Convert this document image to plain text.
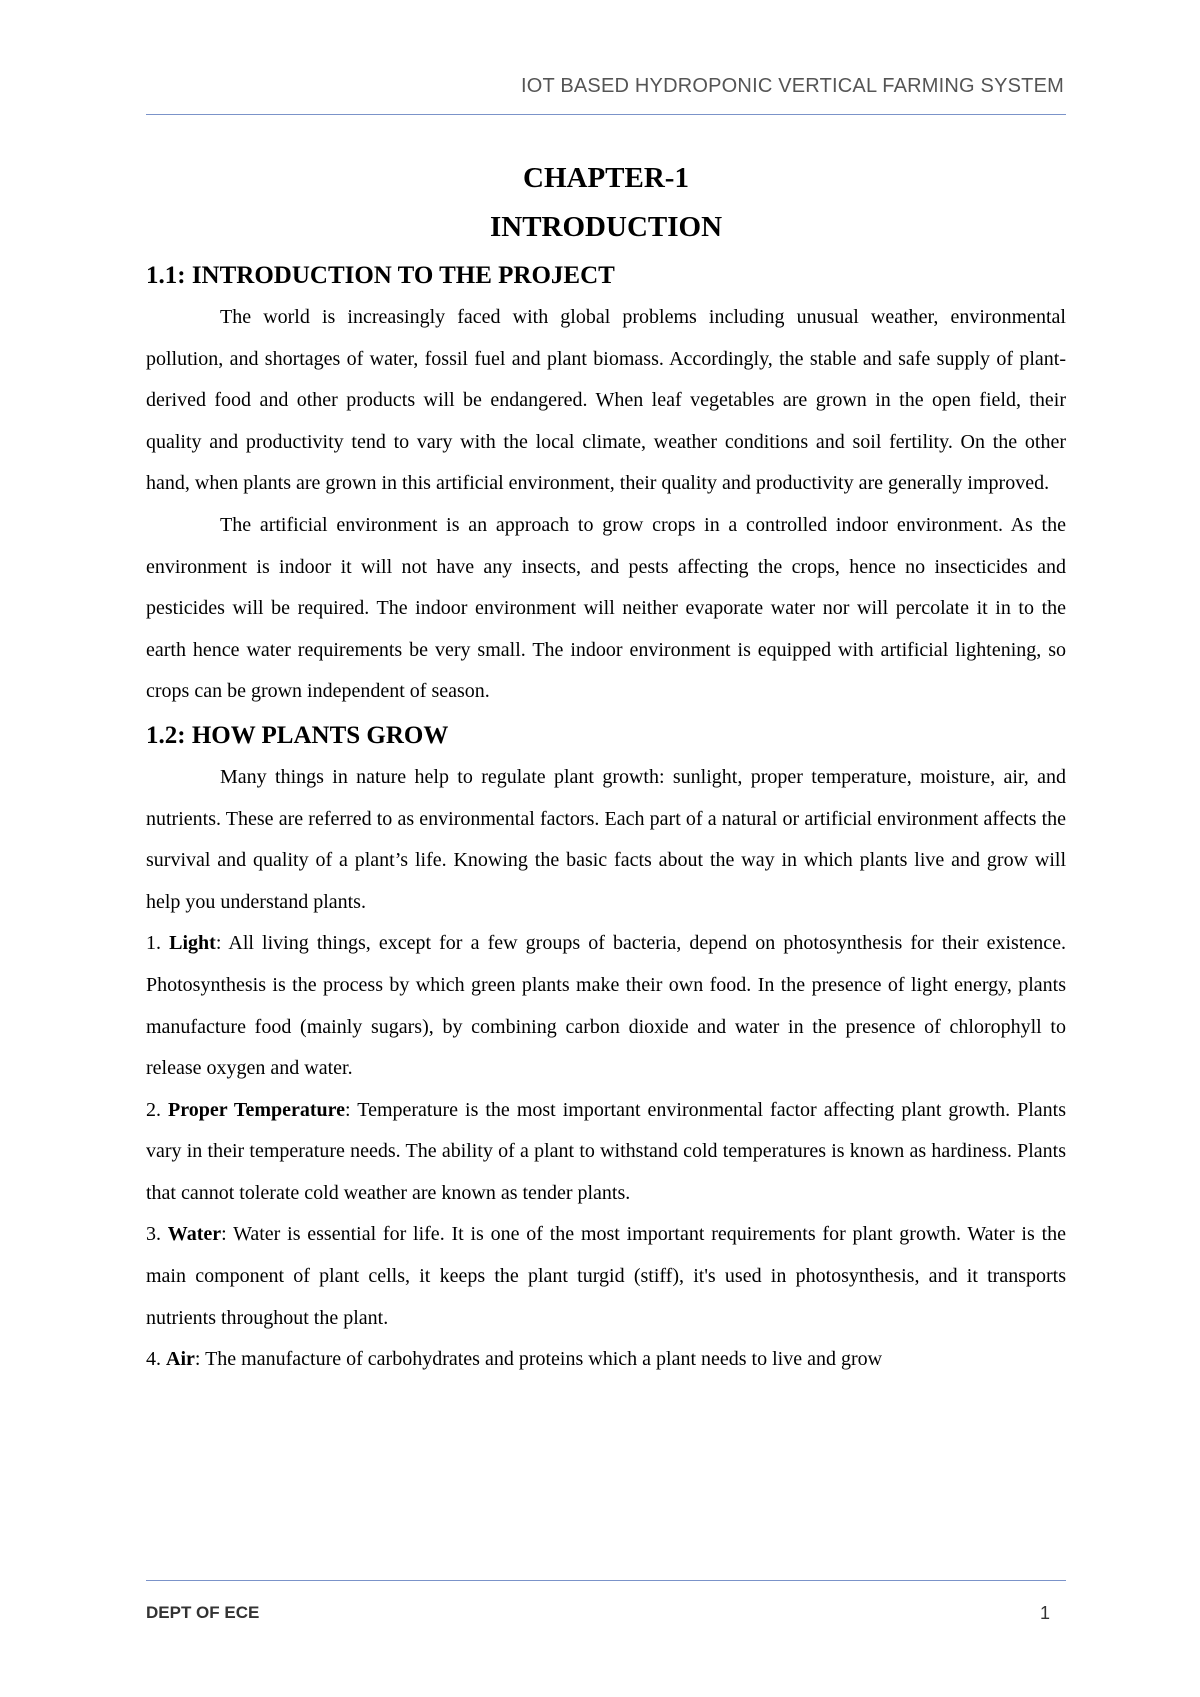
IOT BASED HYDROPONIC VERTICAL FARMING SYSTEM
CHAPTER-1
INTRODUCTION
1.1: INTRODUCTION TO THE PROJECT

The world is increasingly faced with global problems including unusual weather, environmental pollution, and shortages of water, fossil fuel and plant biomass. Accordingly, the stable and safe supply of plant-derived food and other products will be endangered. When leaf vegetables are grown in the open field, their quality and productivity tend to vary with the local climate, weather conditions and soil fertility. On the other hand, when plants are grown in this artificial environment, their quality and productivity are generally improved.

The artificial environment is an approach to grow crops in a controlled indoor environment. As the environment is indoor it will not have any insects, and pests affecting the crops, hence no insecticides and pesticides will be required. The indoor environment will neither evaporate water nor will percolate it in to the earth hence water requirements be very small. The indoor environment is equipped with artificial lightening, so crops can be grown independent of season.

1.2: HOW PLANTS GROW

Many things in nature help to regulate plant growth: sunlight, proper temperature, moisture, air, and nutrients. These are referred to as environmental factors. Each part of a natural or artificial environment affects the survival and quality of a plant’s life. Knowing the basic facts about the way in which plants live and grow will help you understand plants.

1. Light: All living things, except for a few groups of bacteria, depend on photosynthesis for their existence. Photosynthesis is the process by which green plants make their own food. In the presence of light energy, plants manufacture food (mainly sugars), by combining carbon dioxide and water in the presence of chlorophyll to release oxygen and water.

2. Proper Temperature: Temperature is the most important environmental factor affecting plant growth. Plants vary in their temperature needs. The ability of a plant to withstand cold temperatures is known as hardiness. Plants that cannot tolerate cold weather are known as tender plants.

3. Water: Water is essential for life. It is one of the most important requirements for plant growth. Water is the main component of plant cells, it keeps the plant turgid (stiff), it's used in photosynthesis, and it transports nutrients throughout the plant.

4. Air: The manufacture of carbohydrates and proteins which a plant needs to live and grow

DEPT OF ECE	1
